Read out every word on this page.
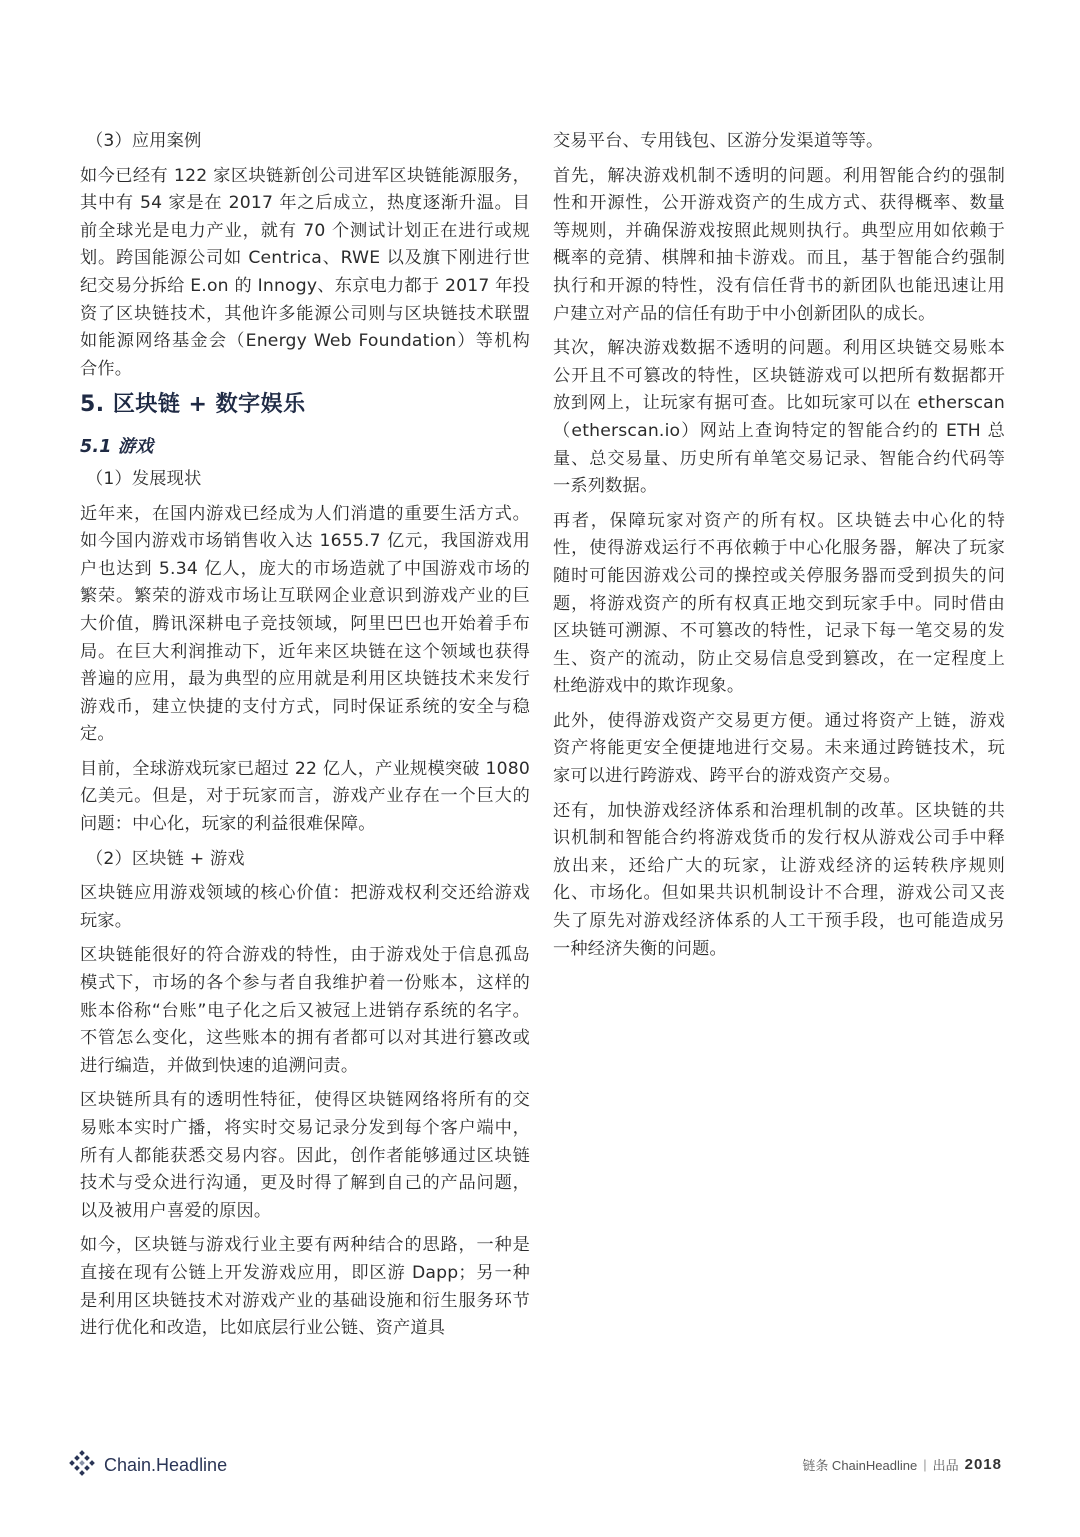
（3）应用案例

如今已经有 122 家区块链新创公司进军区块链能源服务，其中有 54 家是在 2017 年之后成立，热度逐渐升温。目前全球光是电力产业，就有 70 个测试计划正在进行或规划。跨国能源公司如 Centrica、RWE 以及旗下刚进行世纪交易分拆给 E.on 的 Innogy、东京电力都于 2017 年投资了区块链技术，其他许多能源公司则与区块链技术联盟如能源网络基金会（Energy Web Foundation）等机构合作。

5. 区块链 + 数字娱乐
5.1 游戏

（1）发展现状

近年来，在国内游戏已经成为人们消遣的重要生活方式。如今国内游戏市场销售收入达 1655.7 亿元，我国游戏用户也达到 5.34 亿人，庞大的市场造就了中国游戏市场的繁荣。繁荣的游戏市场让互联网企业意识到游戏产业的巨大价值，腾讯深耕电子竞技领域，阿里巴巴也开始着手布局。在巨大利润推动下，近年来区块链在这个领域也获得普遍的应用，最为典型的应用就是利用区块链技术来发行游戏币，建立快捷的支付方式，同时保证系统的安全与稳定。

目前，全球游戏玩家已超过 22 亿人，产业规模突破 1080 亿美元。但是，对于玩家而言，游戏产业存在一个巨大的问题：中心化，玩家的利益很难保障。

（2）区块链 + 游戏

区块链应用游戏领域的核心价值：把游戏权利交还给游戏玩家。

区块链能很好的符合游戏的特性，由于游戏处于信息孤岛模式下，市场的各个参与者自我维护着一份账本，这样的账本俗称“台账”电子化之后又被冠上进销存系统的名字。不管怎么变化，这些账本的拥有者都可以对其进行篡改或进行编造，并做到快速的追溯问责。

区块链所具有的透明性特征，使得区块链网络将所有的交易账本实时广播，将实时交易记录分发到每个客户端中，所有人都能获悉交易内容。因此，创作者能够通过区块链技术与受众进行沟通，更及时得了解到自己的产品问题，以及被用户喜爱的原因。

如今，区块链与游戏行业主要有两种结合的思路，一种是直接在现有公链上开发游戏应用，即区游 Dapp；另一种是利用区块链技术对游戏产业的基础设施和衍生服务环节进行优化和改造，比如底层行业公链、资产道具

交易平台、专用钱包、区游分发渠道等等。

首先，解决游戏机制不透明的问题。利用智能合约的强制性和开源性，公开游戏资产的生成方式、获得概率、数量等规则，并确保游戏按照此规则执行。典型应用如依赖于概率的竞猜、棋牌和抽卡游戏。而且，基于智能合约强制执行和开源的特性，没有信任背书的新团队也能迅速让用户建立对产品的信任有助于中小创新团队的成长。

其次，解决游戏数据不透明的问题。利用区块链交易账本公开且不可篡改的特性，区块链游戏可以把所有数据都开放到网上，让玩家有据可查。比如玩家可以在 etherscan（etherscan.io）网站上查询特定的智能合约的 ETH 总量、总交易量、历史所有单笔交易记录、智能合约代码等一系列数据。

再者，保障玩家对资产的所有权。区块链去中心化的特性，使得游戏运行不再依赖于中心化服务器，解决了玩家随时可能因游戏公司的操控或关停服务器而受到损失的问题，将游戏资产的所有权真正地交到玩家手中。同时借由区块链可溯源、不可篡改的特性，记录下每一笔交易的发生、资产的流动，防止交易信息受到篡改，在一定程度上杜绝游戏中的欺诈现象。

此外，使得游戏资产交易更方便。通过将资产上链，游戏资产将能更安全便捷地进行交易。未来通过跨链技术，玩家可以进行跨游戏、跨平台的游戏资产交易。

还有，加快游戏经济体系和治理机制的改革。区块链的共识机制和智能合约将游戏货币的发行权从游戏公司手中释放出来，还给广大的玩家，让游戏经济的运转秩序规则化、市场化。但如果共识机制设计不合理，游戏公司又丧失了原先对游戏经济体系的人工干预手段，也可能造成另一种经济失衡的问题。

Chain.Headline	链条 ChainHeadline | 出品 2018
